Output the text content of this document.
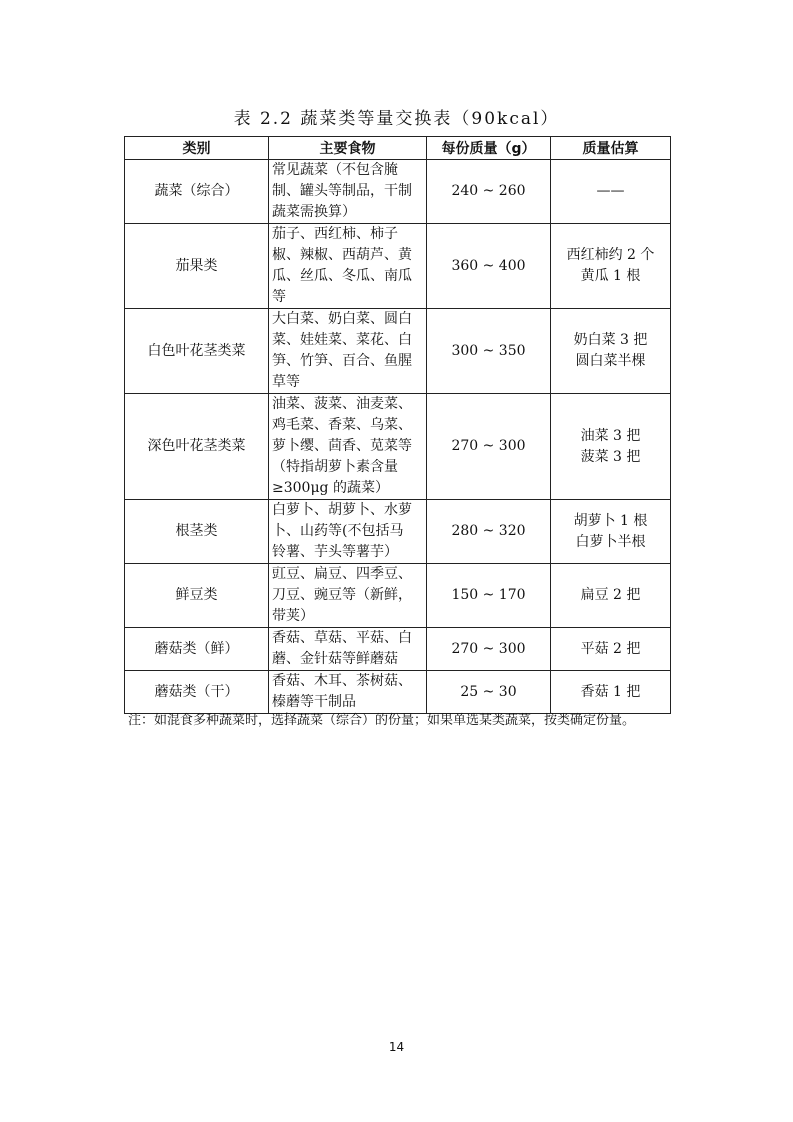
表 2.2 蔬菜类等量交换表（90kcal）
类别	主要食物	每份质量（g）	质量估算
蔬菜（综合）	常见蔬菜（不包含腌
制、罐头等制品，干制
蔬菜需换算）	240 ~ 260	——
茄果类	茄子、西红柿、柿子
椒、辣椒、西葫芦、黄
瓜、丝瓜、冬瓜、南瓜
等	360 ~ 400	西红柿约 2 个
黄瓜 1 根
白色叶花茎类菜	大白菜、奶白菜、圆白
菜、娃娃菜、菜花、白
笋、竹笋、百合、鱼腥
草等	300 ~ 350	奶白菜 3 把
圆白菜半棵
深色叶花茎类菜	油菜、菠菜、油麦菜、
鸡毛菜、香菜、乌菜、
萝卜缨、茴香、苋菜等
（特指胡萝卜素含量
≥300μg 的蔬菜）	270 ~ 300	油菜 3 把
菠菜 3 把
根茎类	白萝卜、胡萝卜、水萝
卜、山药等(不包括马
铃薯、芋头等薯芋）	280 ~ 320	胡萝卜 1 根
白萝卜半根
鲜豆类	豇豆、扁豆、四季豆、
刀豆、豌豆等（新鲜，
带荚）	150 ~ 170	扁豆 2 把
蘑菇类（鲜）	香菇、草菇、平菇、白
蘑、金针菇等鲜蘑菇	270 ~ 300	平菇 2 把
蘑菇类（干）	香菇、木耳、茶树菇、
榛蘑等干制品	25 ~ 30	香菇 1 把
注：如混食多种蔬菜时，选择蔬菜（综合）的份量；如果单选某类蔬菜，按类确定份量。
14
